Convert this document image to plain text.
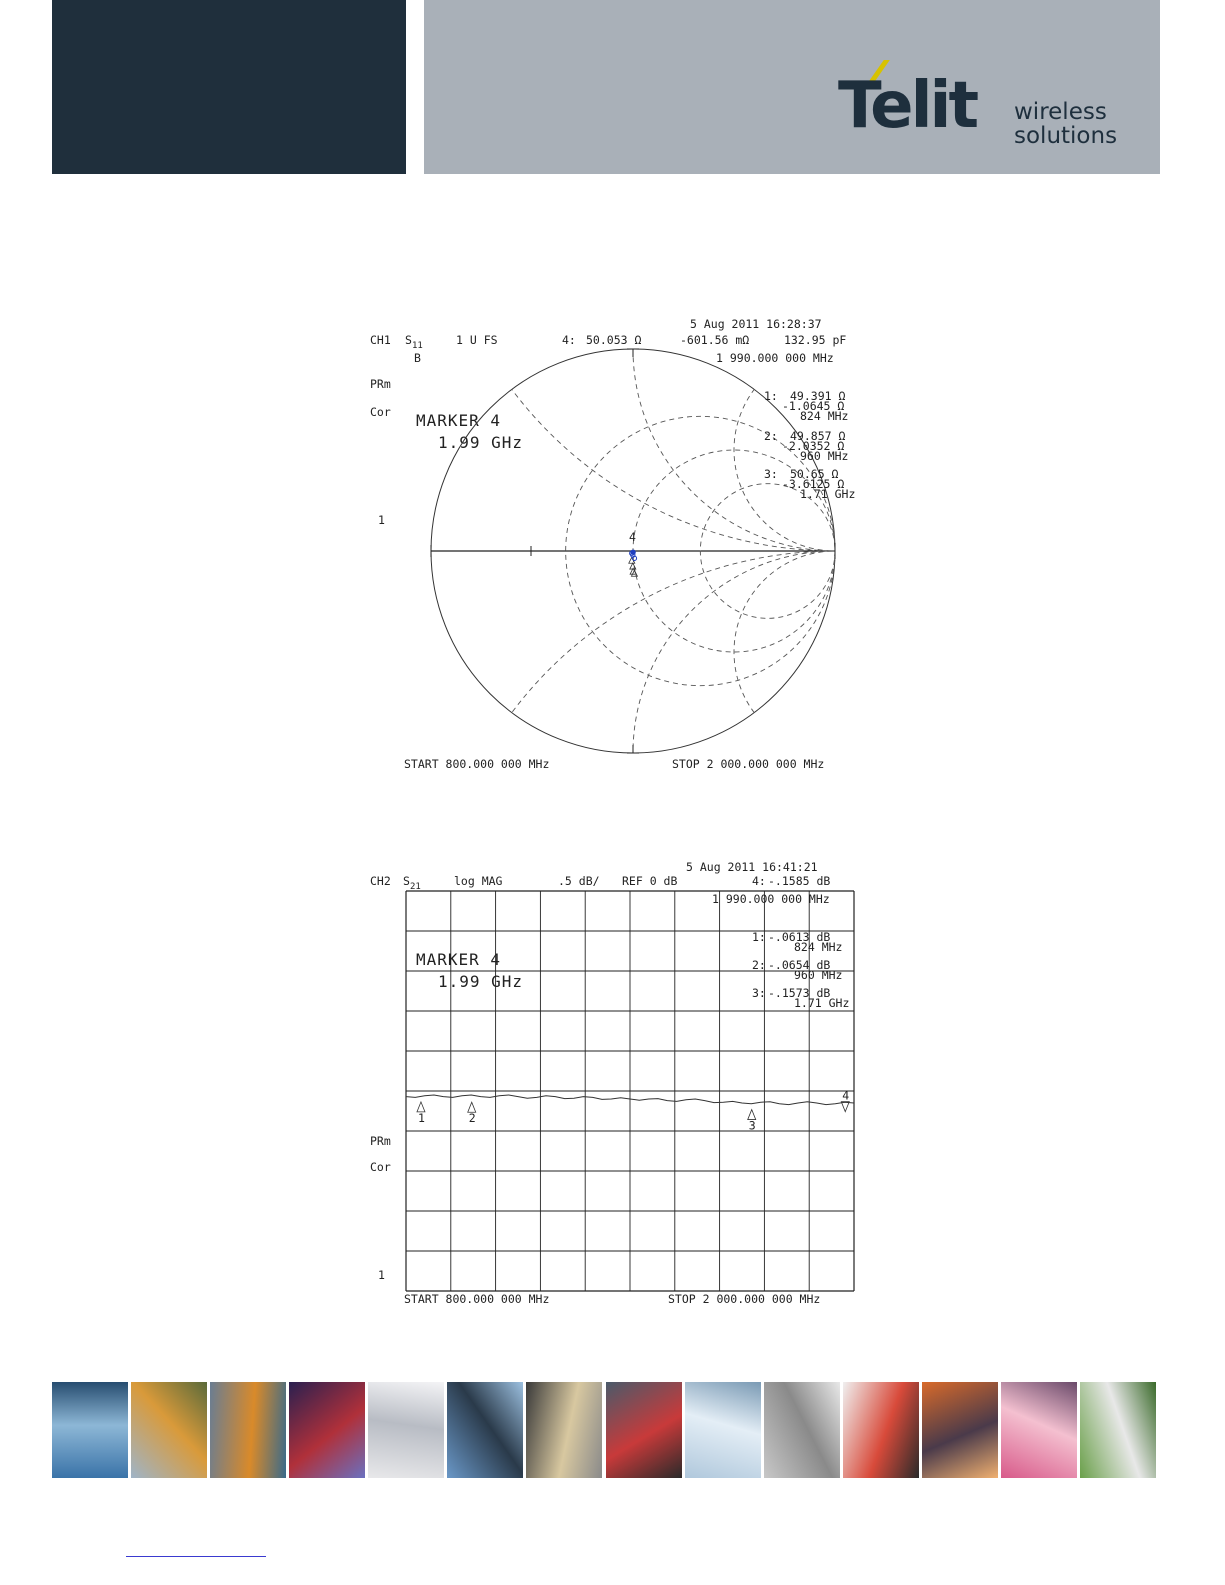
Telit wireless
solutions
5 Aug 2011 16:28:37
CH1 $S_{11}$	1 U FS	4: 50.053 Ω	-601.56 mΩ	132.95 pF
B	1 990.000 000 MHz
PRm
Cor
1
MARKER 4
1.99 GHz
4
1: 49.391 Ω
-1.0645 Ω
824 MHz
2: 49.857 Ω
-2.0352 Ω
960 MHz
3: 50.65 Ω
-3.6125 Ω
1.71 GHz
START 800.000 000 MHz	STOP 2 000.000 000 MHz
5 Aug 2011 16:41:21
CH2 $S_{21}$	log MAG	.5 dB/ REF 0 dB	4: -.1585 dB
1 990.000 000 MHz
MARKER 4
1.99 GHz
1: -.0613 dB
824 MHz
2: -.0654 dB
960 MHz
3: -.1573 dB
1.71 GHz
PRm
Cor
1
1	2
3
4
START 800.000 000 MHz	STOP 2 000.000 000 MHz
